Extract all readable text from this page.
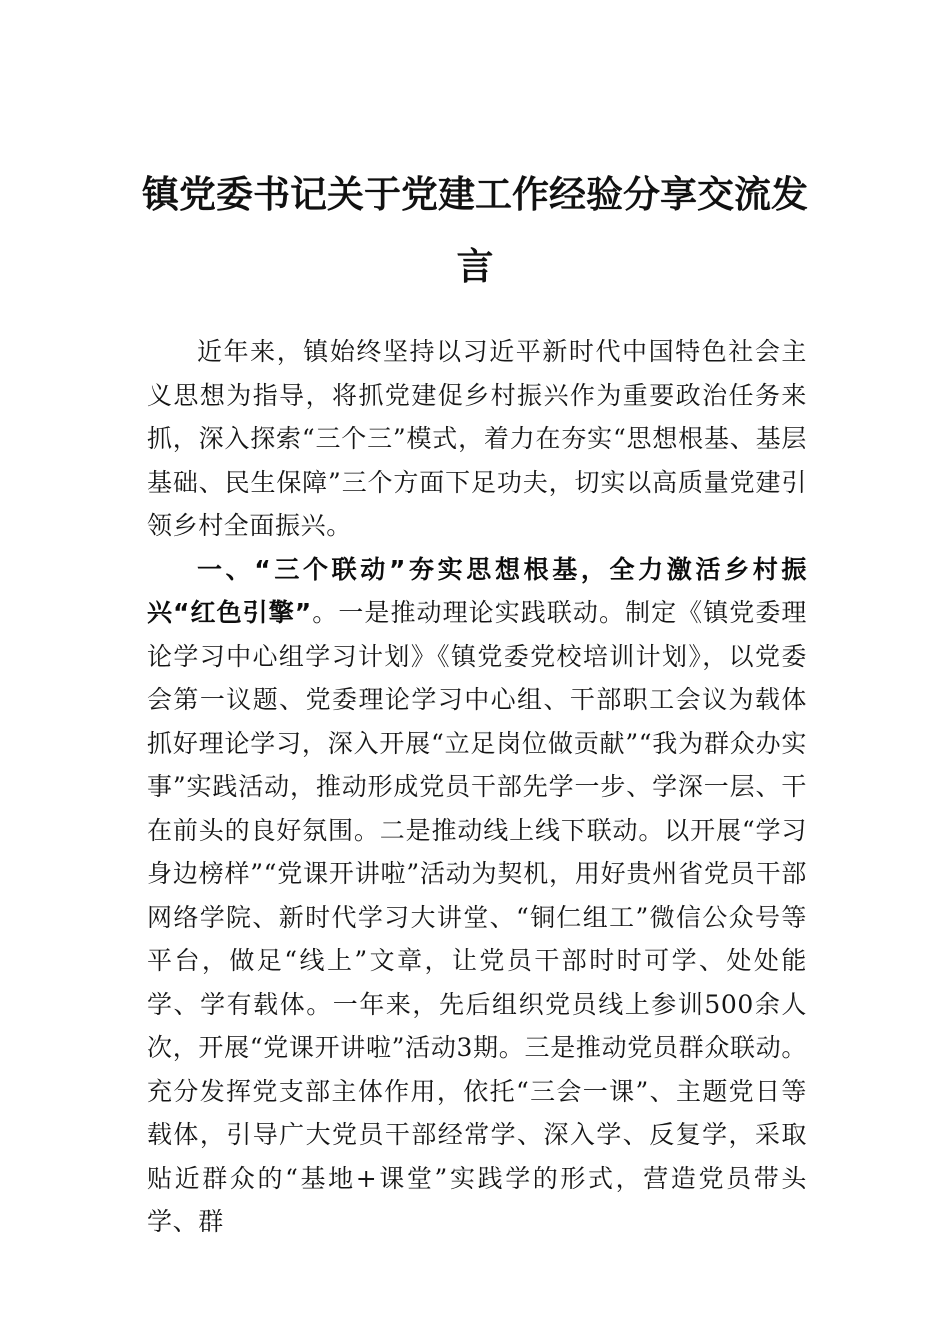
镇党委书记关于党建工作经验分享交流发言

近年来，镇始终坚持以习近平新时代中国特色社会主义思想为指导，将抓党建促乡村振兴作为重要政治任务来抓，深入探索“三个三”模式，着力在夯实“思想根基、基层基础、民生保障”三个方面下足功夫，切实以高质量党建引领乡村全面振兴。

一、“三个联动”夯实思想根基，全力激活乡村振兴“红色引擎”。一是推动理论实践联动。制定《镇党委理论学习中心组学习计划》《镇党委党校培训计划》，以党委会第一议题、党委理论学习中心组、干部职工会议为载体抓好理论学习，深入开展“立足岗位做贡献”“我为群众办实事”实践活动，推动形成党员干部先学一步、学深一层、干在前头的良好氛围。二是推动线上线下联动。以开展“学习身边榜样”“党课开讲啦”活动为契机，用好贵州省党员干部网络学院、新时代学习大讲堂、“铜仁组工”微信公众号等平台，做足“线上”文章，让党员干部时时可学、处处能学、学有载体。一年来，先后组织党员线上参训500余人次，开展“党课开讲啦”活动3期。三是推动党员群众联动。充分发挥党支部主体作用，依托“三会一课”、主题党日等载体，引导广大党员干部经常学、深入学、反复学，采取贴近群众的“基地+课堂”实践学的形式，营造党员带头学、群
